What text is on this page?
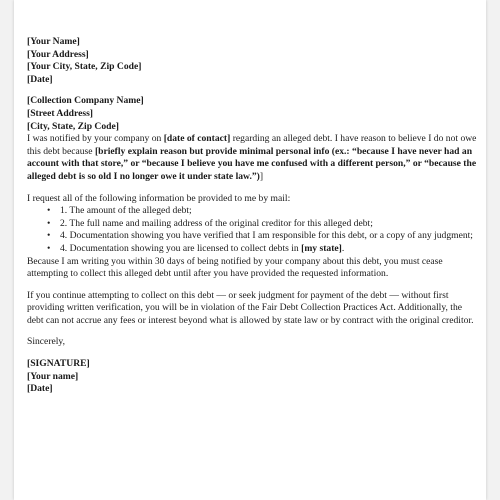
[Your Name]
[Your Address]
[Your City, State, Zip Code]
[Date]
[Collection Company Name]
[Street Address]
[City, State, Zip Code]

I was notified by your company on [date of contact] regarding an alleged debt. I have reason to believe I do not owe this debt because [briefly explain reason but provide minimal personal info (ex.: “because I have never had an account with that store,” or “because I believe you have me confused with a different person,” or “because the alleged debt is so old I no longer owe it under state law.”)]

I request all of the following information be provided to me by mail:

• 1. The amount of the alleged debt;
• 2. The full name and mailing address of the original creditor for this alleged debt;
• 4. Documentation showing you have verified that I am responsible for this debt, or a copy of any judgment;
• 4. Documentation showing you are licensed to collect debts in [my state].

Because I am writing you within 30 days of being notified by your company about this debt, you must cease attempting to collect this alleged debt until after you have provided the requested information.

If you continue attempting to collect on this debt — or seek judgment for payment of the debt — without first providing written verification, you will be in violation of the Fair Debt Collection Practices Act. Additionally, the debt can not accrue any fees or interest beyond what is allowed by state law or by contract with the original creditor.

Sincerely,

[SIGNATURE]
[Your name]
[Date]
